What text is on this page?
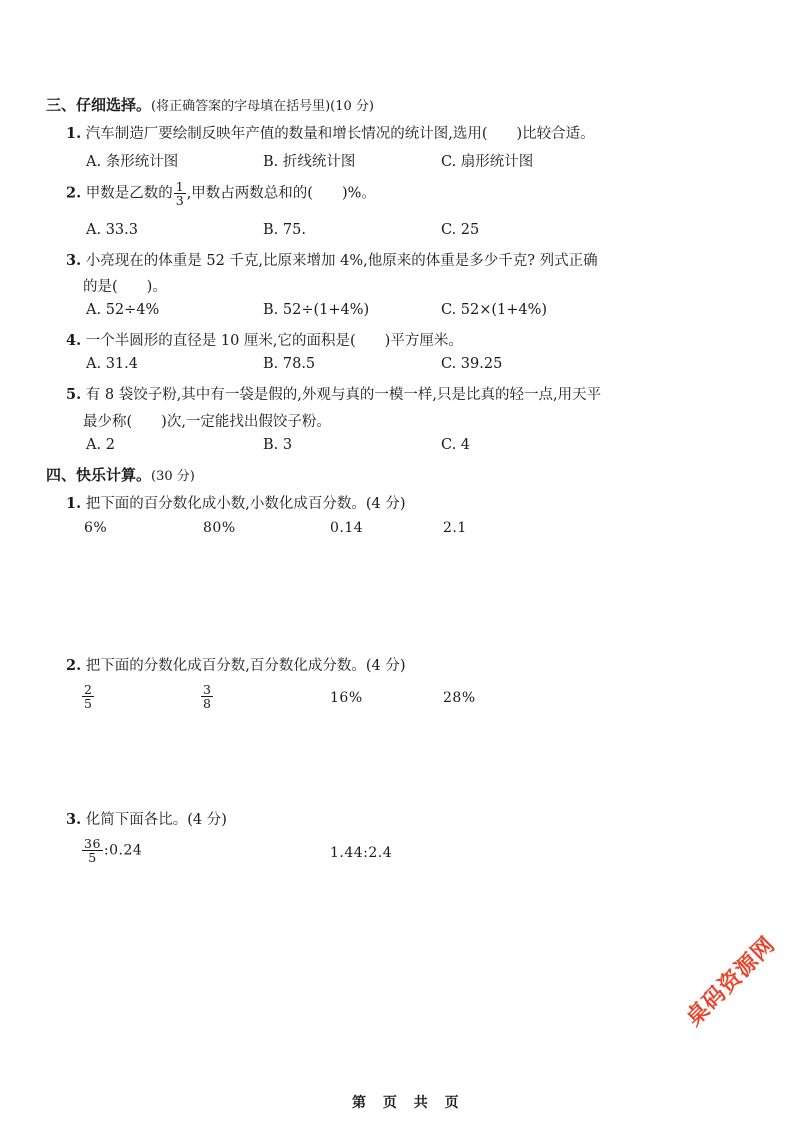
三、仔细选择。(将正确答案的字母填在括号里)(10 分)
1. 汽车制造厂要绘制反映年产值的数量和增长情况的统计图,选用(　　)比较合适。
A. 条形统计图	B. 折线统计图	C. 扇形统计图
2. 甲数是乙数的 $\frac{1}{3}$ ,甲数占两数总和的(　　)%。
A. 33.3	B. 75.	C. 25
3. 小亮现在的体重是 52 千克,比原来增加 4%,他原来的体重是多少千克? 列式正确
的是(　　)。
A. 52÷4%	B. 52÷(1+4%)	C. 52×(1+4%)
4. 一个半圆形的直径是 10 厘米,它的面积是(　　)平方厘米。
A. 31.4	B. 78.5	C. 39.25
5. 有 8 袋饺子粉,其中有一袋是假的,外观与真的一模一样,只是比真的轻一点,用天平
最少称(　　)次,一定能找出假饺子粉。
A. 2	B. 3	C. 4
四、快乐计算。(30 分)
1. 把下面的百分数化成小数,小数化成百分数。(4 分)
6%	80%	0.14	2.1
2. 把下面的分数化成百分数,百分数化成分数。(4 分)
$\frac{2}{5}$	$\frac{3}{8}$	16%	28%
3. 化简下面各比。(4 分)
$\frac{36}{5}$ :0.24	1.44:2.4
桌码资源网
第 页 共 页
